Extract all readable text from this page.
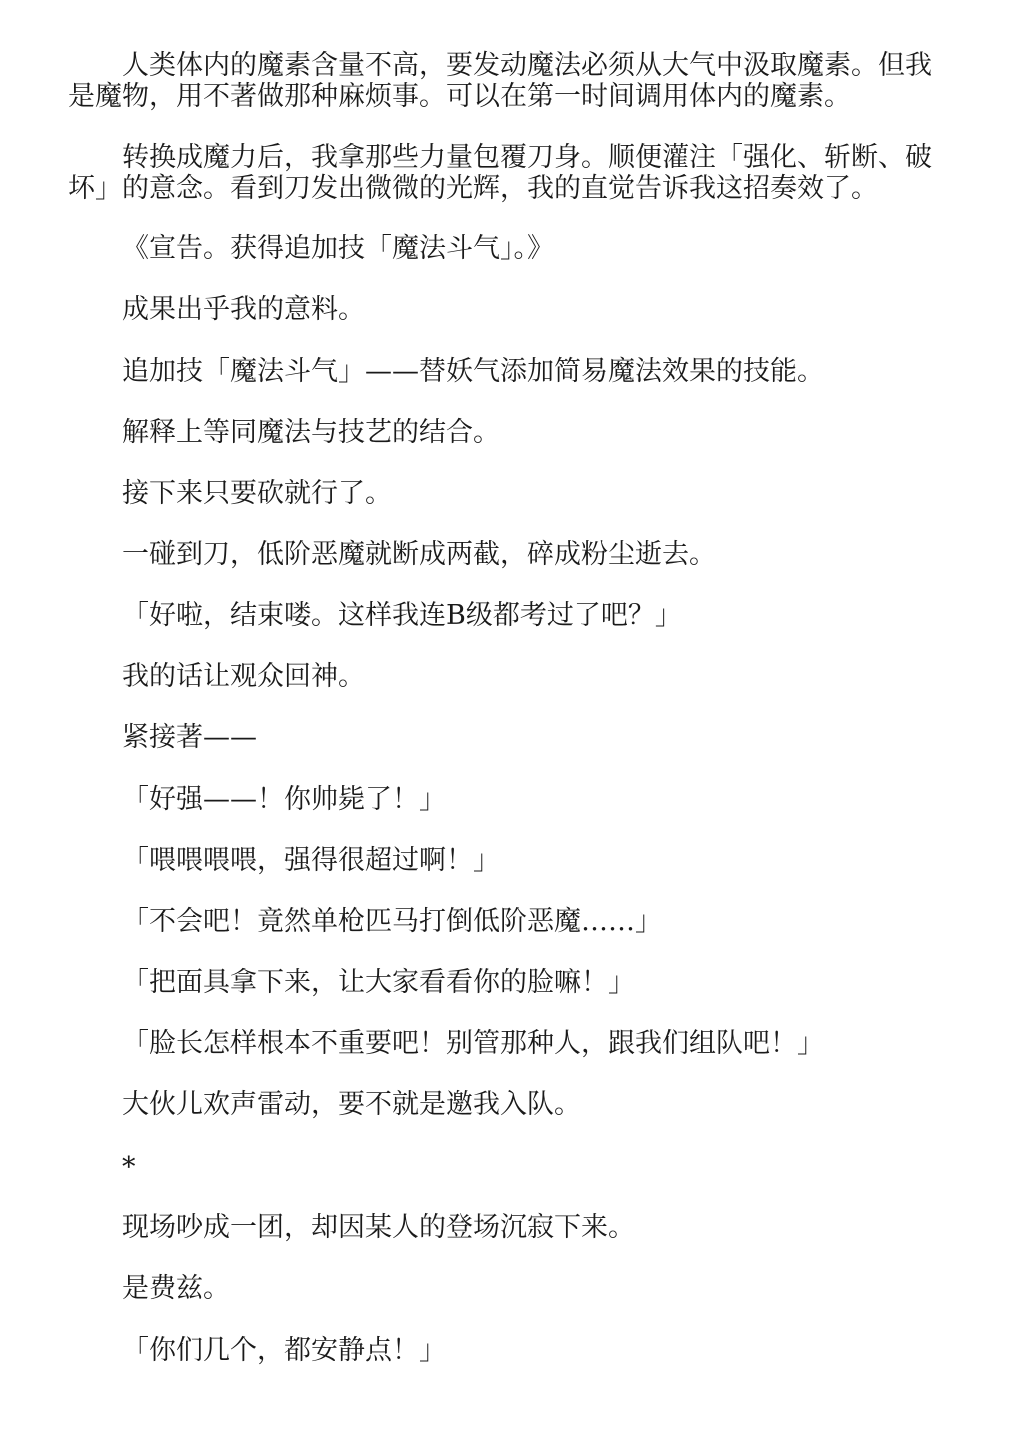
人类体内的魔素含量不高，要发动魔法必须从大气中汲取魔素。但我是魔物，用不著做那种麻烦事。可以在第一时间调用体内的魔素。

转换成魔力后，我拿那些力量包覆刀身。顺便灌注「强化、斩断、破坏」的意念。看到刀发出微微的光辉，我的直觉告诉我这招奏效了。

《宣告。获得追加技「魔法斗气」。》

成果出乎我的意料。

追加技「魔法斗气」——替妖气添加简易魔法效果的技能。

解释上等同魔法与技艺的结合。

接下来只要砍就行了。

一碰到刀，低阶恶魔就断成两截，碎成粉尘逝去。

「好啦，结束喽。这样我连B级都考过了吧？」

我的话让观众回神。

紧接著——

「好强——！你帅毙了！」

「喂喂喂喂，强得很超过啊！」

「不会吧！竟然单枪匹马打倒低阶恶魔……」

「把面具拿下来，让大家看看你的脸嘛！」

「脸长怎样根本不重要吧！别管那种人，跟我们组队吧！」

大伙儿欢声雷动，要不就是邀我入队。

*

现场吵成一团，却因某人的登场沉寂下来。

是费兹。

「你们几个，都安静点！」
